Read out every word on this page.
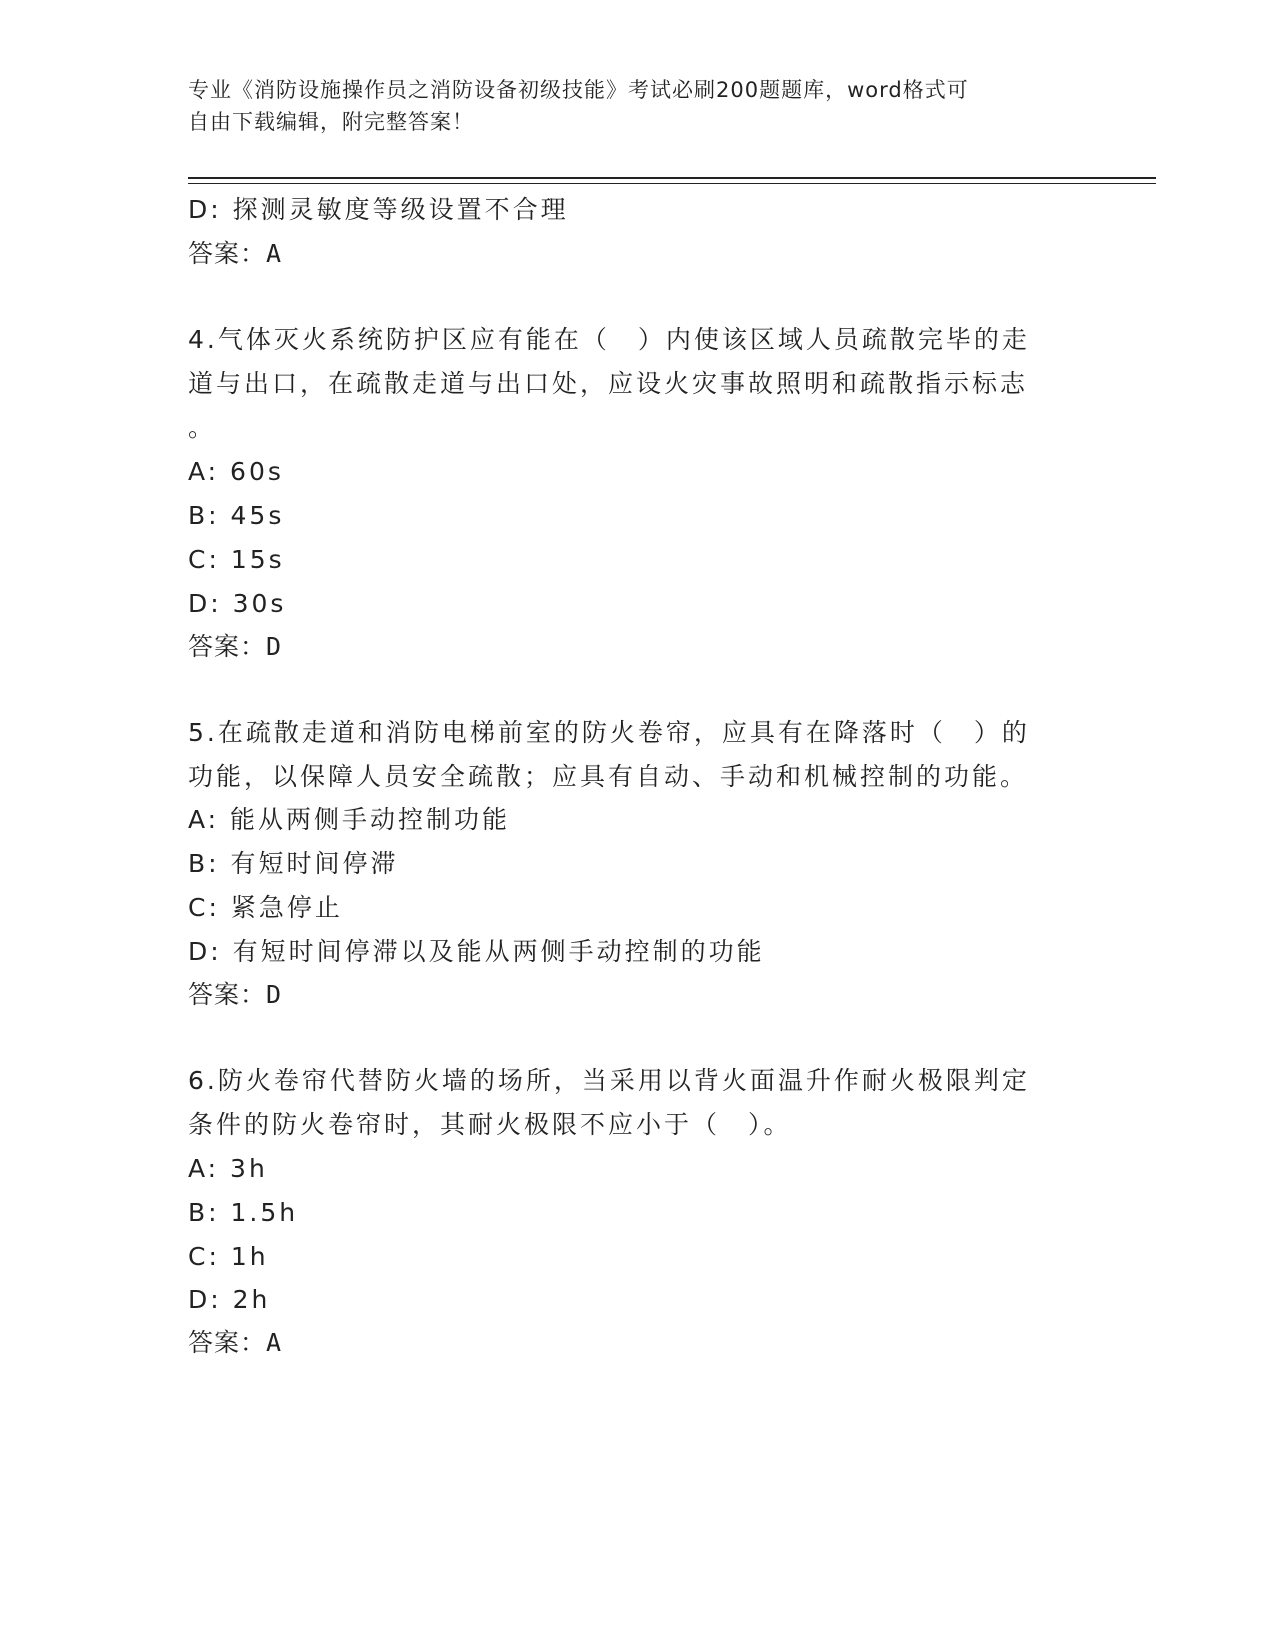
专业《消防设施操作员之消防设备初级技能》考试必刷200题题库，word格式可
自由下载编辑，附完整答案！
D: 探测灵敏度等级设置不合理
答案：A
4.气体灭火系统防护区应有能在（　）内使该区域人员疏散完毕的走
道与出口，在疏散走道与出口处，应设火灾事故照明和疏散指示标志
。
A: 60s
B: 45s
C: 15s
D: 30s
答案：D
5.在疏散走道和消防电梯前室的防火卷帘，应具有在降落时（　）的
功能，以保障人员安全疏散；应具有自动、手动和机械控制的功能。
A: 能从两侧手动控制功能
B: 有短时间停滞
C: 紧急停止
D: 有短时间停滞以及能从两侧手动控制的功能
答案：D
6.防火卷帘代替防火墙的场所，当采用以背火面温升作耐火极限判定
条件的防火卷帘时，其耐火极限不应小于（　）。
A: 3h
B: 1.5h
C: 1h
D: 2h
答案：A
